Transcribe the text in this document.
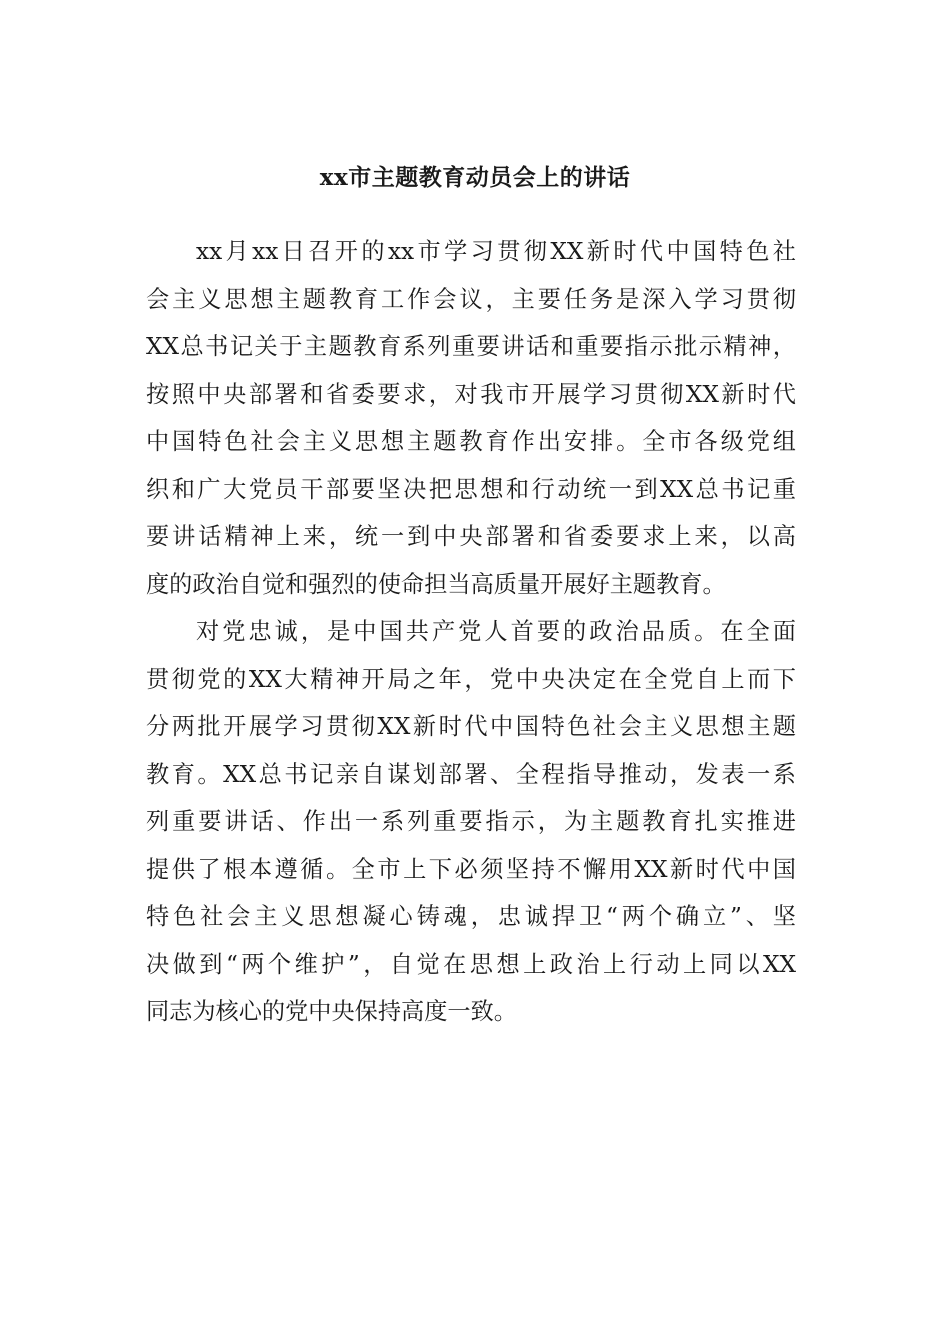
xx市主题教育动员会上的讲话
xx月xx日召开的xx市学习贯彻XX新时代中国特色社
会主义思想主题教育工作会议，主要任务是深入学习贯彻
XX总书记关于主题教育系列重要讲话和重要指示批示精神，
按照中央部署和省委要求，对我市开展学习贯彻XX新时代
中国特色社会主义思想主题教育作出安排。全市各级党组
织和广大党员干部要坚决把思想和行动统一到XX总书记重
要讲话精神上来，统一到中央部署和省委要求上来，以高
度的政治自觉和强烈的使命担当高质量开展好主题教育。
对党忠诚，是中国共产党人首要的政治品质。在全面
贯彻党的XX大精神开局之年，党中央决定在全党自上而下
分两批开展学习贯彻XX新时代中国特色社会主义思想主题
教育。XX总书记亲自谋划部署、全程指导推动，发表一系
列重要讲话、作出一系列重要指示，为主题教育扎实推进
提供了根本遵循。全市上下必须坚持不懈用XX新时代中国
特色社会主义思想凝心铸魂，忠诚捍卫“两个确立”、坚
决做到“两个维护”，自觉在思想上政治上行动上同以XX
同志为核心的党中央保持高度一致。
